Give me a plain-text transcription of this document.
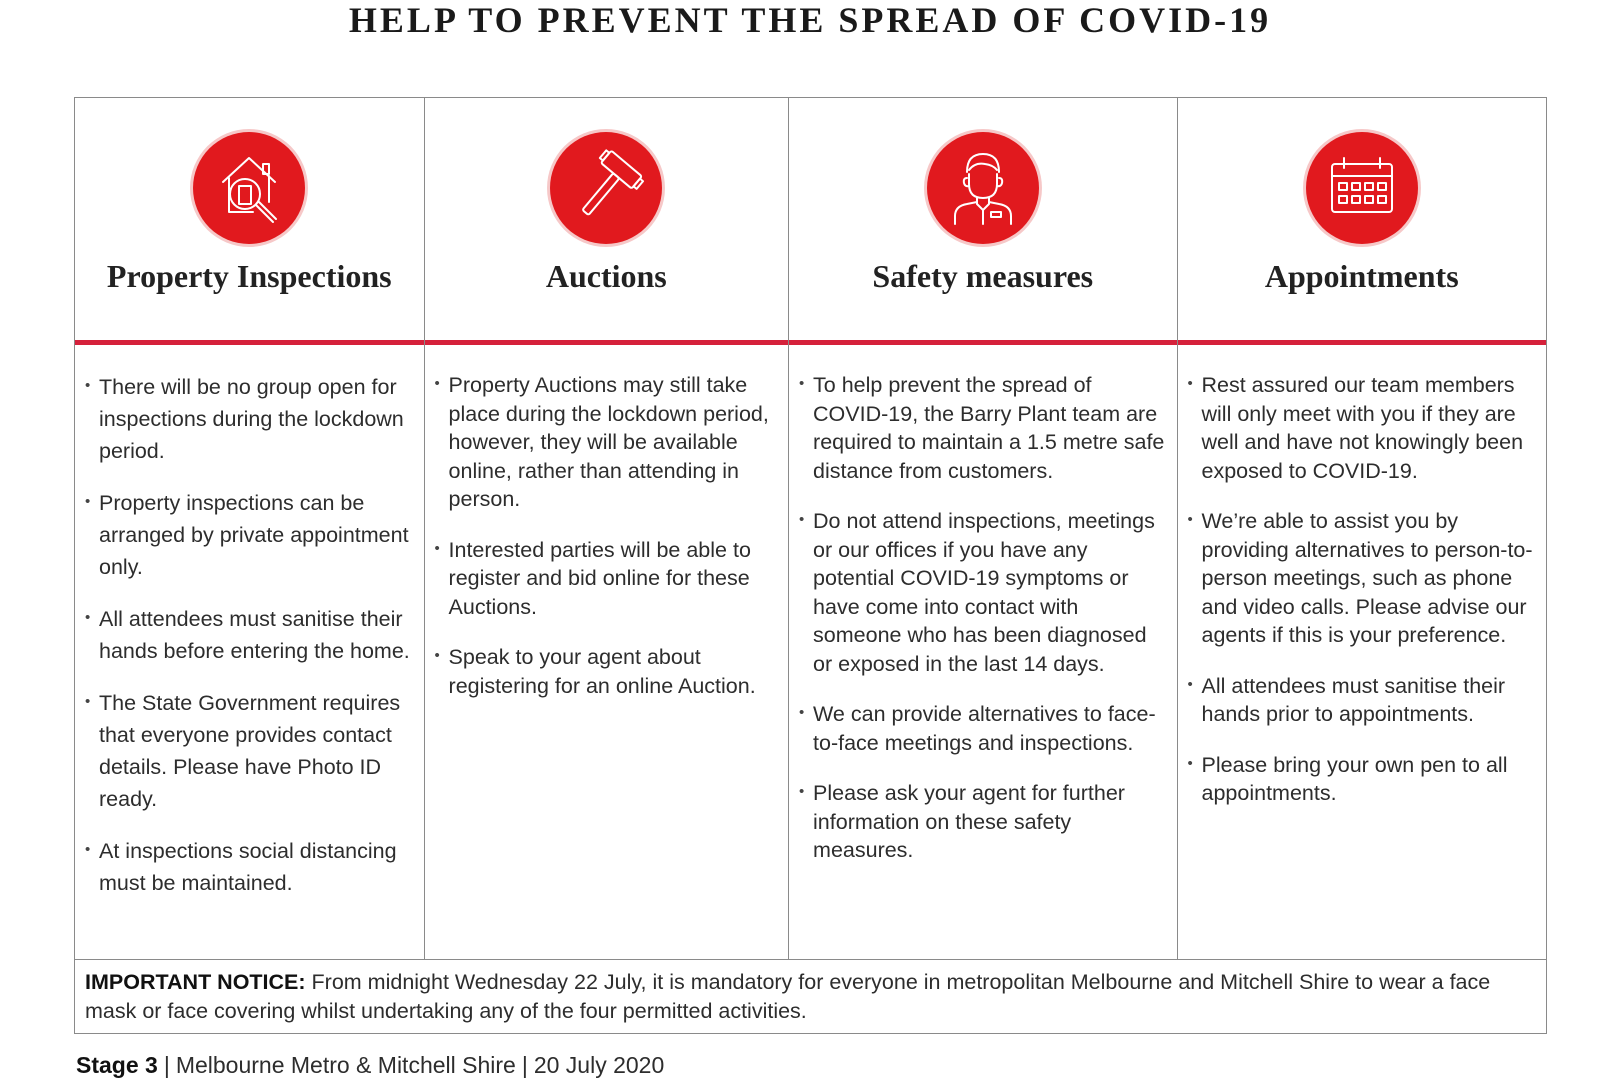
HELP TO PREVENT THE SPREAD OF COVID-19
Property Inspections
• There will be no group open for inspections during the lockdown period.
• Property inspections can be arranged by private appointment only.
• All attendees must sanitise their hands before entering the home.
• The State Government requires that everyone provides contact details. Please have Photo ID ready.
• At inspections social distancing must be maintained.
Auctions
• Property Auctions may still take place during the lockdown period, however, they will be available online, rather than attending in person.
• Interested parties will be able to register and bid online for these Auctions.
• Speak to your agent about registering for an online Auction.
Safety measures
• To help prevent the spread of COVID-19, the Barry Plant team are required to maintain a 1.5 metre safe distance from customers.
• Do not attend inspections, meetings or our offices if you have any potential COVID-19 symptoms or have come into contact with someone who has been diagnosed or exposed in the last 14 days.
• We can provide alternatives to face-to-face meetings and inspections.
• Please ask your agent for further information on these safety measures.
Appointments
• Rest assured our team members will only meet with you if they are well and have not knowingly been exposed to COVID-19.
• We’re able to assist you by providing alternatives to person-to-person meetings, such as phone and video calls. Please advise our agents if this is your preference.
• All attendees must sanitise their hands prior to appointments.
• Please bring your own pen to all appointments.
IMPORTANT NOTICE: From midnight Wednesday 22 July, it is mandatory for everyone in metropolitan Melbourne and Mitchell Shire to wear a face mask or face covering whilst undertaking any of the four permitted activities.
Stage 3 | Melbourne Metro & Mitchell Shire | 20 July 2020
